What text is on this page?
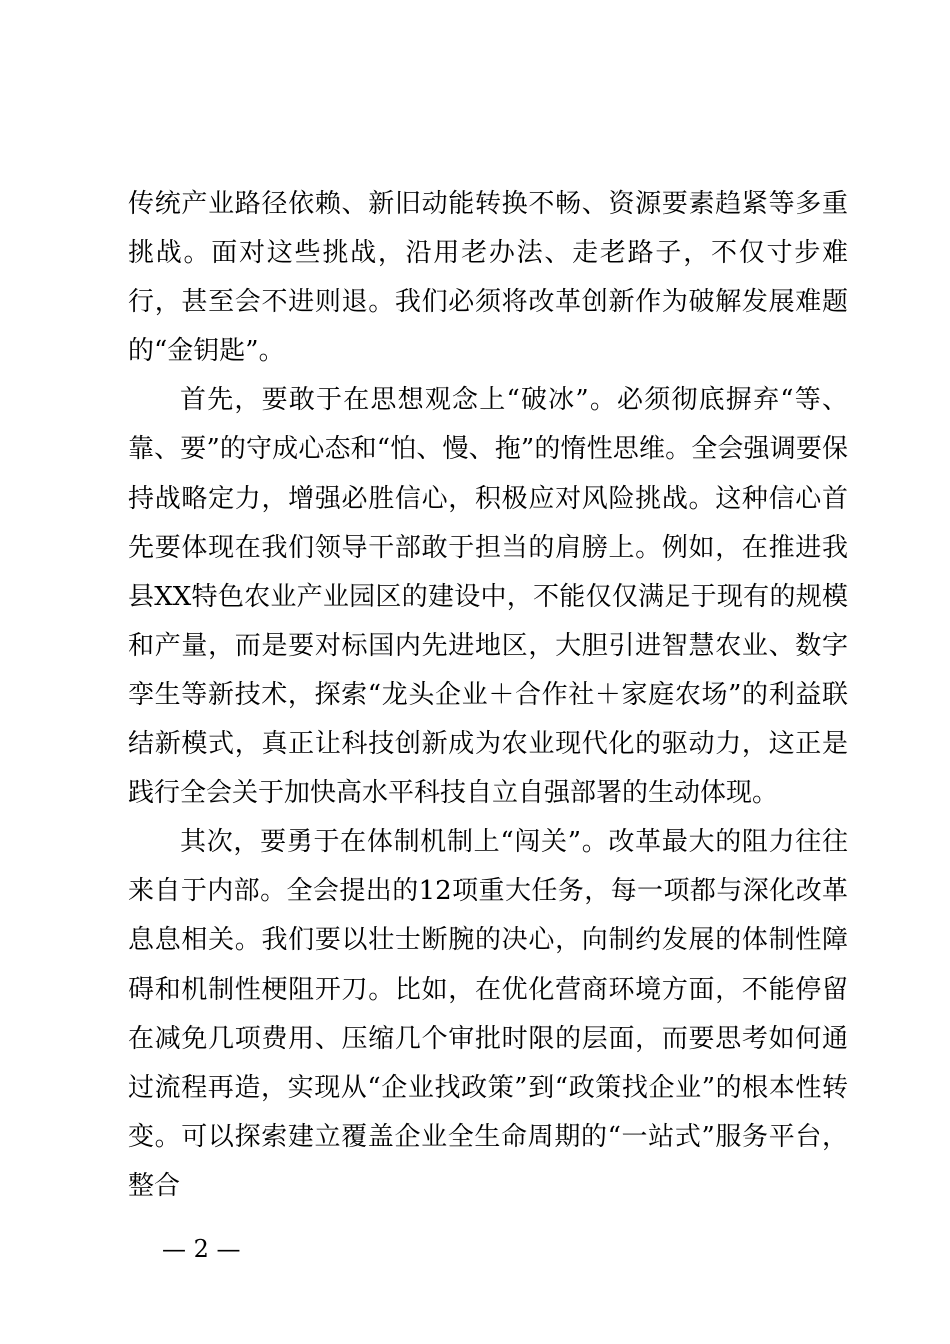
传统产业路径依赖、新旧动能转换不畅、资源要素趋紧等多重挑战。面对这些挑战，沿用老办法、走老路子，不仅寸步难行，甚至会不进则退。我们必须将改革创新作为破解发展难题的“金钥匙”。

首先，要敢于在思想观念上“破冰”。必须彻底摒弃“等、靠、要”的守成心态和“怕、慢、拖”的惰性思维。全会强调要保持战略定力，增强必胜信心，积极应对风险挑战。这种信心首先要体现在我们领导干部敢于担当的肩膀上。例如，在推进我县XX特色农业产业园区的建设中，不能仅仅满足于现有的规模和产量，而是要对标国内先进地区，大胆引进智慧农业、数字孪生等新技术，探索“龙头企业＋合作社＋家庭农场”的利益联结新模式，真正让科技创新成为农业现代化的驱动力，这正是践行全会关于加快高水平科技自立自强部署的生动体现。

其次，要勇于在体制机制上“闯关”。改革最大的阻力往往来自于内部。全会提出的12项重大任务，每一项都与深化改革息息相关。我们要以壮士断腕的决心，向制约发展的体制性障碍和机制性梗阻开刀。比如，在优化营商环境方面，不能停留在减免几项费用、压缩几个审批时限的层面，而要思考如何通过流程再造，实现从“企业找政策”到“政策找企业”的根本性转变。可以探索建立覆盖企业全生命周期的“一站式”服务平台，整合

— 2 —
